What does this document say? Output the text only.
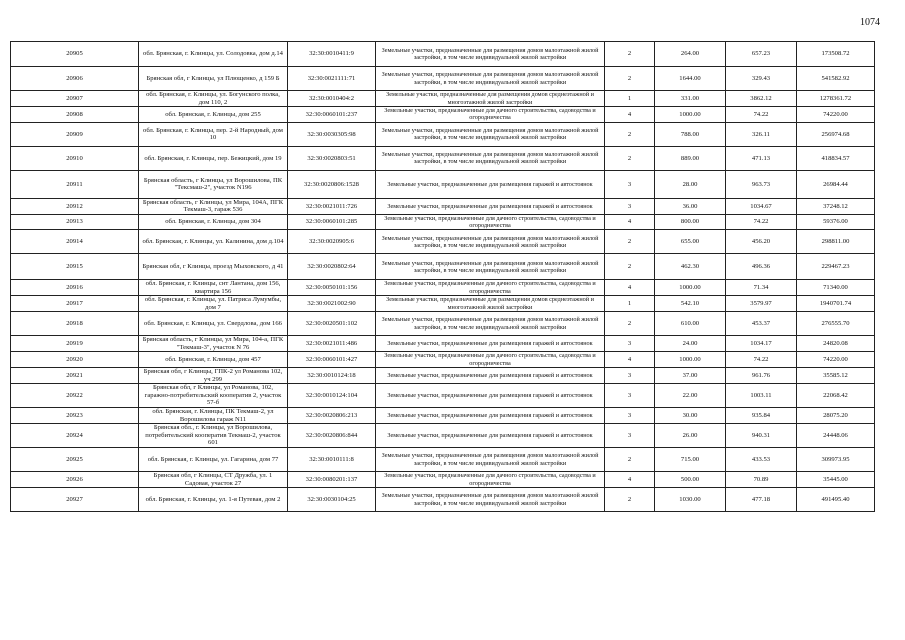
1074
20905	обл. Брянская, г. Клинцы, ул. Солодовка, дом д.14	32:30:0010411:9	Земельные участки, предназначенные для размещения домов малоэтажной жилой застройки, в том числе индивидуальной жилой застройки	2	264.00	657.23	173508.72
20906	Брянская обл, г Клинцы, ул Плющенко, д 159 Б	32:30:0021111:71	Земельные участки, предназначенные для размещения домов малоэтажной жилой застройки, в том числе индивидуальной жилой застройки	2	1644.00	329.43	541582.92
20907	обл. Брянская, г. Клинцы, ул. Богунского полка, дом 110, 2	32:30:0010404:2	Земельные участки, предназначенные для размещения домов среднеэтажной и многоэтажной жилой застройки	1	331.00	3862.12	1278361.72
20908	обл. Брянская, г. Клинцы, дом 255	32:30:0060101:237	Земельные участки, предназначенные для дачного строительства, садоводства и огородничества	4	1000.00	74.22	74220.00
20909	обл. Брянская, г. Клинцы, пер. 2-й Народный, дом 10	32:30:0030305:98	Земельные участки, предназначенные для размещения домов малоэтажной жилой застройки, в том числе индивидуальной жилой застройки	2	788.00	326.11	256974.68
20910	обл. Брянская, г. Клинцы, пер. Бежицкий, дом 19	32:30:0020803:51	Земельные участки, предназначенные для размещения домов малоэтажной жилой застройки, в том числе индивидуальной жилой застройки	2	889.00	471.13	418834.57
20911	Брянская область, г Клинцы, ул Ворошилова, ПК "Тексмаш-2", участок N196	32:30:0020806:1528	Земельные участки, предназначенные для размещения гаражей и автостоянок	3	28.00	963.73	26984.44
20912	Брянская область, г Клинцы, ул Мира, 104А, ПГК Текмаш-3, гараж 536	32:30:0021011:726	Земельные участки, предназначенные для размещения гаражей и автостоянок	3	36.00	1034.67	37248.12
20913	обл. Брянская, г. Клинцы, дом 304	32:30:0060101:285	Земельные участки, предназначенные для дачного строительства, садоводства и огородничества	4	800.00	74.22	59376.00
20914	обл. Брянская, г. Клинцы, ул. Калинина, дом д.104	32:30:0020905:6	Земельные участки, предназначенные для размещения домов малоэтажной жилой застройки, в том числе индивидуальной жилой застройки	2	655.00	456.20	298811.00
20915	Брянская обл, г Клинцы, проезд Мыховского, д 41	32:30:0020802:64	Земельные участки, предназначенные для размещения домов малоэтажной жилой застройки, в том числе индивидуальной жилой застройки	2	462.30	496.36	229467.23
20916	обл. Брянская, г. Клинцы, снт Лантана, дом 156, квартира 156	32:30:0050101:156	Земельные участки, предназначенные для дачного строительства, садоводства и огородничества	4	1000.00	71.34	71340.00
20917	обл. Брянская, г. Клинцы, ул. Патриса Лумумбы, дом 7	32:30:0021002:90	Земельные участки, предназначенные для размещения домов среднеэтажной и многоэтажной жилой застройки	1	542.10	3579.97	1940701.74
20918	обл. Брянская, г. Клинцы, ул. Свердлова, дом 166	32:30:0020501:102	Земельные участки, предназначенные для размещения домов малоэтажной жилой застройки, в том числе индивидуальной жилой застройки	2	610.00	453.37	276555.70
20919	Брянская область, г Клинцы, ул Мира, 104-а, ПГК "Текмаш-3", участок N 76	32:30:0021011:486	Земельные участки, предназначенные для размещения гаражей и автостоянок	3	24.00	1034.17	24820.08
20920	обл. Брянская, г. Клинцы, дом 457	32:30:0060101:427	Земельные участки, предназначенные для дачного строительства, садоводства и огородничества	4	1000.00	74.22	74220.00
20921	Брянская обл, г Клинцы, ГПК-2 ул Романова 102, уч 299	32:30:0010124:18	Земельные участки, предназначенные для размещения гаражей и автостоянок	3	37.00	961.76	35585.12
20922	Брянская обл, г Клинцы, ул Романова, 102, гаражно-потребительский кооператив 2, участок 57-б	32:30:0010124:104	Земельные участки, предназначенные для размещения гаражей и автостоянок	3	22.00	1003.11	22068.42
20923	обл. Брянская, г. Клинцы, ПК Текмаш-2, ул Ворошилова гараж N11	32:30:0020806:213	Земельные участки, предназначенные для размещения гаражей и автостоянок	3	30.00	935.84	28075.20
20924	Брянская обл., г. Клинцы, ул Ворошилова, потребительский кооператив Текмаш-2, участок 601	32:30:0020806:844	Земельные участки, предназначенные для размещения гаражей и автостоянок	3	26.00	940.31	24448.06
20925	обл. Брянская, г. Клинцы, ул. Гагарина, дом 77	32:30:0010111:8	Земельные участки, предназначенные для размещения домов малоэтажной жилой застройки, в том числе индивидуальной жилой застройки	2	715.00	433.53	309973.95
20926	Брянская обл, г Клинцы, СТ Дружба, ул. 1 Садовая, участок 27	32:30:0080201:137	Земельные участки, предназначенные для дачного строительства, садоводства и огородничества	4	500.00	70.89	35445.00
20927	обл. Брянская, г. Клинцы, ул. 1-я Путевая, дом 2	32:30:0030104:25	Земельные участки, предназначенные для размещения домов малоэтажной жилой застройки, в том числе индивидуальной жилой застройки	2	1030.00	477.18	491495.40
